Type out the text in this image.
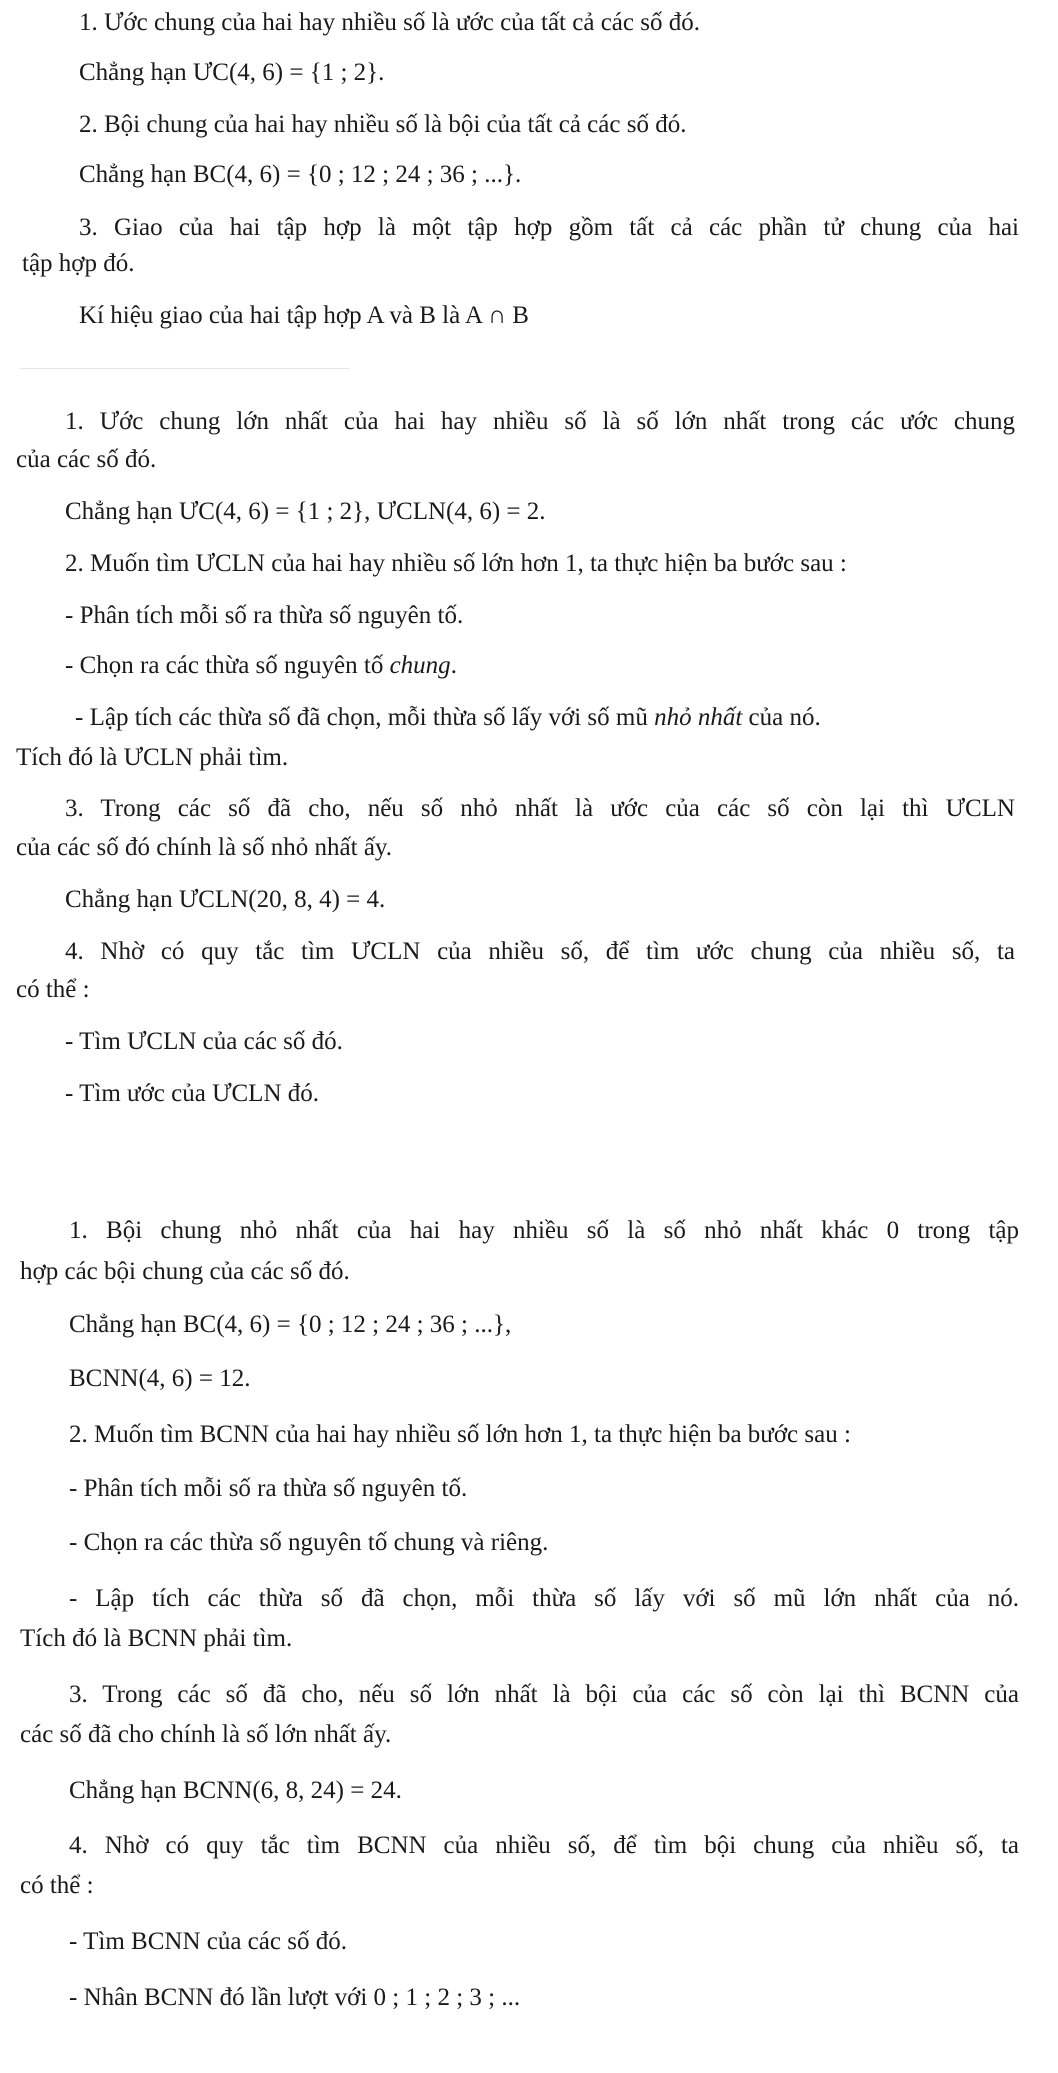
1. Ước chung của hai hay nhiều số là ước của tất cả các số đó.

Chẳng hạn ƯC(4, 6) = {1 ; 2}.

2. Bội chung của hai hay nhiều số là bội của tất cả các số đó.

Chẳng hạn BC(4, 6) = {0 ; 12 ; 24 ; 36 ; ...}.

3. Giao của hai tập hợp là một tập hợp gồm tất cả các phần tử chung của hai

tập hợp đó.

Kí hiệu giao của hai tập hợp A và B là A ∩ B

1. Ước chung lớn nhất của hai hay nhiều số là số lớn nhất trong các ước chung

của các số đó.

Chẳng hạn ƯC(4, 6) = {1 ; 2}, ƯCLN(4, 6) = 2.

2. Muốn tìm ƯCLN của hai hay nhiều số lớn hơn 1, ta thực hiện ba bước sau :

- Phân tích mỗi số ra thừa số nguyên tố.

- Chọn ra các thừa số nguyên tố chung.

- Lập tích các thừa số đã chọn, mỗi thừa số lấy với số mũ nhỏ nhất của nó.

Tích đó là ƯCLN phải tìm.

3. Trong các số đã cho, nếu số nhỏ nhất là ước của các số còn lại thì ƯCLN

của các số đó chính là số nhỏ nhất ấy.

Chẳng hạn ƯCLN(20, 8, 4) = 4.

4. Nhờ có quy tắc tìm ƯCLN của nhiều số, để tìm ước chung của nhiều số, ta

có thể :

- Tìm ƯCLN của các số đó.

- Tìm ước của ƯCLN đó.

1. Bội chung nhỏ nhất của hai hay nhiều số là số nhỏ nhất khác 0 trong tập

hợp các bội chung của các số đó.

Chẳng hạn BC(4, 6) = {0 ; 12 ; 24 ; 36 ; ...},

BCNN(4, 6) = 12.

2. Muốn tìm BCNN của hai hay nhiều số lớn hơn 1, ta thực hiện ba bước sau :

- Phân tích mỗi số ra thừa số nguyên tố.

- Chọn ra các thừa số nguyên tố chung và riêng.

- Lập tích các thừa số đã chọn, mỗi thừa số lấy với số mũ lớn nhất của nó.

Tích đó là BCNN phải tìm.

3. Trong các số đã cho, nếu số lớn nhất là bội của các số còn lại thì BCNN của

các số đã cho chính là số lớn nhất ấy.

Chẳng hạn BCNN(6, 8, 24) = 24.

4. Nhờ có quy tắc tìm BCNN của nhiều số, để tìm bội chung của nhiều số, ta

có thể :

- Tìm BCNN của các số đó.

- Nhân BCNN đó lần lượt với 0 ; 1 ; 2 ; 3 ; ...
